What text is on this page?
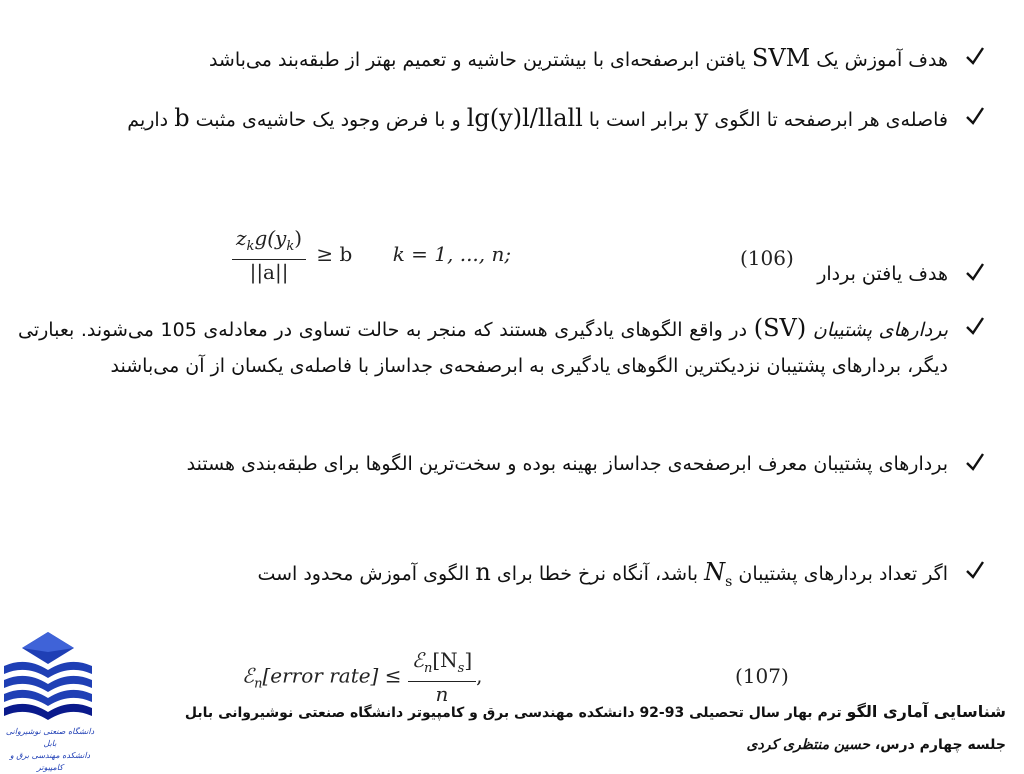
هدف آموزش یک SVM یافتن ابرصفحه‌ای با بیشترین حاشیه و تعمیم بهتر از طبقه‌بند می‌باشد
فاصله‌ی هر ابرصفحه تا الگوی y برابر است با lg(y)l/llall و با فرض وجود یک حاشیه‌ی مثبت b داریم
$\frac{z_kg(y_k)}{||a||} \ge b$ k = 1, ..., n;	(106)
هدف یافتن بردار
بردارهای پشتیبان (SV) در واقع الگوهای یادگیری هستند که منجر به حالت تساوی در معادله‌ی 105 می‌شوند. بعبارتی دیگر، بردارهای پشتیبان نزدیکترین الگوهای یادگیری به ابرصفحه‌ی جداساز با فاصله‌ی یکسان از آن می‌باشند
بردارهای پشتیبان معرف ابرصفحه‌ی جداساز بهینه بوده و سخت‌ترین الگوها برای طبقه‌بندی هستند
اگر تعداد بردارهای پشتیبان $N_s$ باشد، آنگاه نرخ خطا برای n الگوی آموزش محدود است
ℰ$_n$[error rate] ≤ $\frac{ℰ_n[N_s]}{n}$ ,	(107)
دانشگاه صنعتی نوشیروانی بابل
دانشکده مهندسی برق و کامپیوتر
شناسایی آماری الگو ترم بهار سال تحصیلی 93-92 دانشکده مهندسی برق و کامپیوتر دانشگاه صنعتی نوشیروانی بابل
جلسه چهارم درس، حسین منتظری کردی
